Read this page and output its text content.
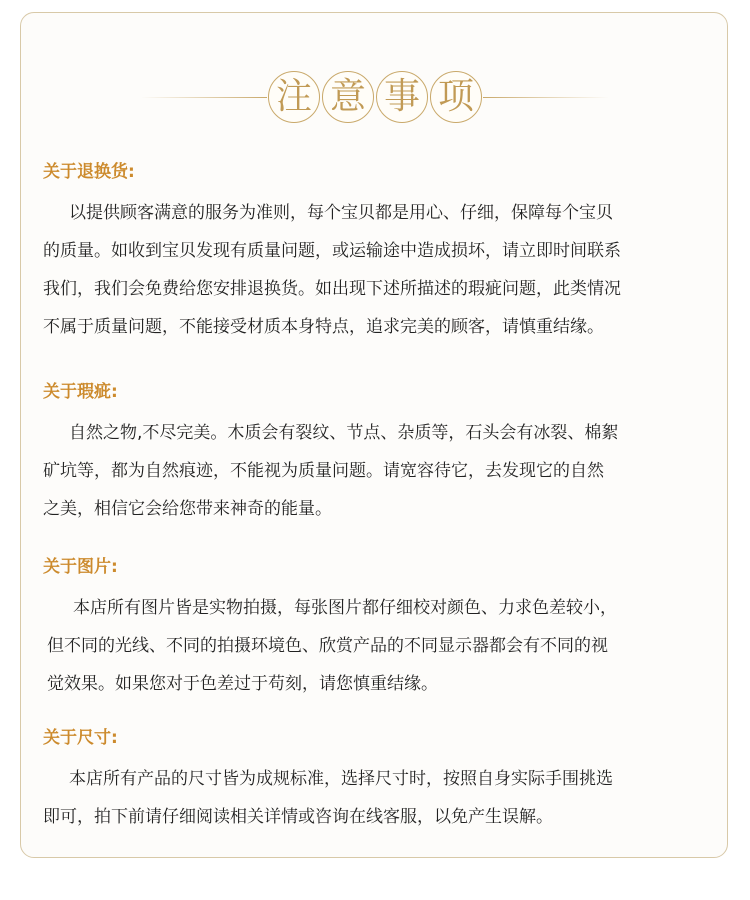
注 意 事 项
关于退换货:
以提供顾客满意的服务为准则，每个宝贝都是用心、仔细，保障每个宝贝
的质量。如收到宝贝发现有质量问题，或运输途中造成损坏，请立即时间联系
我们，我们会免费给您安排退换货。如出现下述所描述的瑕疵问题，此类情况
不属于质量问题，不能接受材质本身特点，追求完美的顾客，请慎重结缘。
关于瑕疵:
自然之物,不尽完美。木质会有裂纹、节点、杂质等，石头会有冰裂、棉絮
矿坑等，都为自然痕迹，不能视为质量问题。请宽容待它，去发现它的自然
之美，相信它会给您带来神奇的能量。
关于图片:
本店所有图片皆是实物拍摄，每张图片都仔细校对颜色、力求色差较小，
但不同的光线、不同的拍摄环境色、欣赏产品的不同显示器都会有不同的视
觉效果。如果您对于色差过于苟刻，请您慎重结缘。
关于尺寸:
本店所有产品的尺寸皆为成规标准，选择尺寸时，按照自身实际手围挑选
即可，拍下前请仔细阅读相关详情或咨询在线客服，以免产生误解。
